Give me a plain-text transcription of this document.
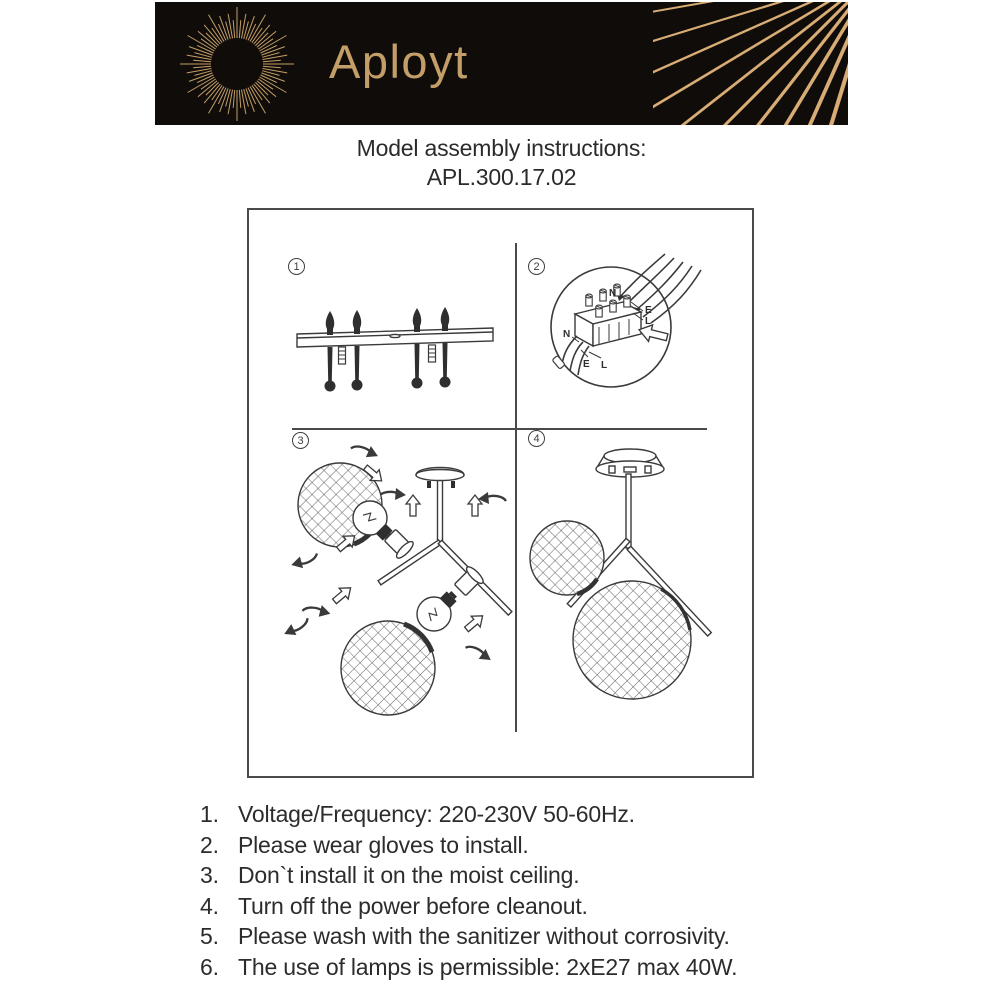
Aployt
Model assembly instructions:
APL.300.17.02
1	2
3	4
N
E
L
N
E L
1. Voltage/Frequency: 220-230V 50-60Hz.
2. Please wear gloves to install.
3. Don`t install it on the moist ceiling.
4. Turn off the power before cleanout.
5. Please wash with the sanitizer without corrosivity.
6. The use of lamps is permissible: 2xE27 max 40W.
